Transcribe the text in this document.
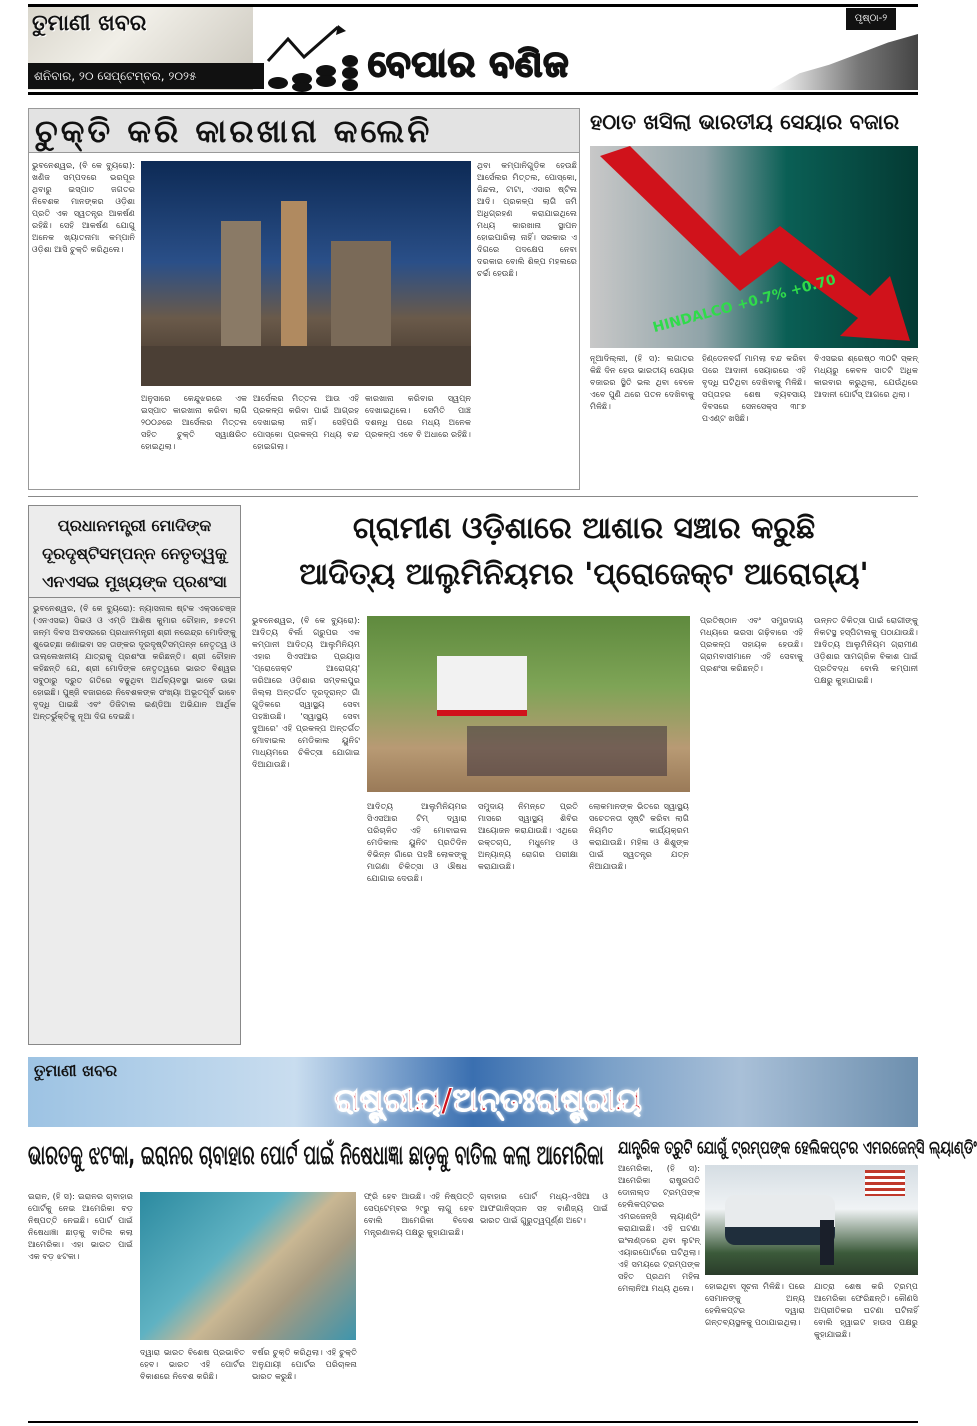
ତୁମାଣୀ ଖବର
ଶନିବାର, ୨୦ ସେପ୍ଟେମ୍ବର, ୨୦୨୫	ବେପାର ବଣିଜ
ପୃଷ୍ଠା-୨
ଚୁକ୍ତି କରି କାରଖାନା କଲେନି
ଭୁବନେଶ୍ୱର, (ବି କେ ବ୍ୟୁରୋ): ଖଣିଜ ସମ୍ପଦରେ ଭରପୂର ଥିବାରୁ ଇସ୍ପାତ ଜଗତର ନିବେଶକ ମାନଙ୍କର ଓଡ଼ିଶା ପ୍ରତି ଏକ ସ୍ୱତନ୍ତ୍ର ଆକର୍ଷଣ ରହିଛି। ସେହି ଆକର୍ଷଣ ଯୋଗୁ ଅନେକ ଖ୍ୟାତନାମା କମ୍ପାନି ଓଡ଼ିଶା ଆସି ଚୁକ୍ତି କରିଥିଲେ।
ଅନୁସାରେ କେନ୍ଦୁଝରରେ ଏକ ଇସ୍ପାତ କାରଖାନା କରିବା ଲାଗି ୨୦୦୬ରେ ଆର୍ସେଲର ମିତ୍ତଲ ସହିତ ଚୁକ୍ତି ସ୍ୱାକ୍ଷରିତ ହୋଇଥିଲା।
ଆର୍ସେଲର ମିତ୍ତଲ ଆଉ ଏହି ପ୍ରକଳ୍ପ କରିବା ପାଇଁ ଆଗ୍ରହ ଦେଖାଇଲା ନାହିଁ। ସେହିପରି ପୋସ୍କୋ ପ୍ରକଳ୍ପ ମଧ୍ୟ ବନ୍ଦ ହୋଇଗଲା।
କାରଖାନା କରିବାର ସ୍ୱପ୍ନ ଦେଖାଇଥିଲେ। ସେମିତି ପାଞ୍ଚ ଦଶନ୍ଧି ପରେ ମଧ୍ୟ ଅନେକ ପ୍ରକଳ୍ପ ଏବେ ବି ଅଧାରେ ରହିଛି।
ଥିବା କମ୍ପାନିଗୁଡ଼ିକ ହେଉଛି ଆର୍ସେଲର ମିତ୍ତଲ, ପୋସ୍କୋ, ଜିନ୍ଦଲ, ଟାଟା, ଏସାର ଷ୍ଟିଲ ଆଦି। ପ୍ରକଳ୍ପ ଲାଗି ଜମି ଅଧିଗ୍ରହଣ କରାଯାଇଥିଲେ ମଧ୍ୟ କାରଖାନା ସ୍ଥାପନ ହୋଇପାରିଲା ନାହିଁ। ସରକାର ଏ ଦିଗରେ ପଦକ୍ଷେପ ନେବା ଦରକାର ବୋଲି ଶିଳ୍ପ ମହଲରେ ଚର୍ଚ୍ଚା ହେଉଛି।
ହଠାତ ଖସିଲା ଭାରତୀୟ ସେୟାର ବଜାର
HINDALCO +0.7% +0.70
ନୂଆଦିଲ୍ଲୀ, (ହି ସ): ଲଗାତର କିଛି ଦିନ ହେଉ ଭାରତୀୟ ସେୟାର ବଜାରର ସ୍ଥିତି ଭଲ ଥିବା ବେଳେ ଏବେ ପୁଣି ଥରେ ପତନ ଦେଖିବାକୁ ମିଳିଛି।
ହିଣ୍ଡେନବର୍ଗ ମାମଲା ବନ୍ଦ କରିବା ପରେ ଆଦାନୀ ସେୟାରରେ ଏହି ବୃଦ୍ଧି ଘଟିଥିବା ଦେଖିବାକୁ ମିଳିଛି। ସପ୍ତାହର ଶେଷ ବ୍ୟବସାୟ ଦିବସରେ ସେନସେକ୍ସ ୩୮୭ ପଏଣ୍ଟ ଖସିଛି।
ବିଏସଇର ଶ୍ରେଷ୍ଠ ୩୦ଟି ସ୍କନ୍ ମଧ୍ୟରୁ କେବଳ ସାତଟି ଅଧିକ କାରବାର କରୁଥିଲା, ଯେଉଁଥିରେ ଆଦାନୀ ପୋର୍ଟସ୍ ଆଗରେ ଥିଲା।
ପ୍ରଧାନମନ୍ତ୍ରୀ ମୋଦିଙ୍କ
ଦୂରଦୃଷ୍ଟିସମ୍ପନ୍ନ ନେତୃତ୍ୱକୁ
ଏନଏସଇ ମୁଖ୍ୟଙ୍କ ପ୍ରଶଂସା
ଭୁବନେଶ୍ୱର, (ବି କେ ବ୍ୟୁରୋ): ନ୍ୟାସନାଲ ଷ୍ଟକ ଏକ୍ସଚେଞ୍ଜ (ଏନଏସଇ) ସିଇଓ ଓ ଏମ୍‌ଡି ଆଶିଷ କୁମାର ଚୌହାନ, ୭୫ତମ ଜନ୍ମ ଦିବସ ଅବସରରେ ପ୍ରଧାନମନ୍ତ୍ରୀ ଶ୍ରୀ ନରେନ୍ଦ୍ର ମୋଦିଙ୍କୁ ଶୁଭେଚ୍ଛା ଜଣାଇବା ସହ ତାଙ୍କର ଦୂରଦୃଷ୍ଟିସମ୍ପନ୍ନ ନେତୃତ୍ୱ ଓ ଉଲ୍ଲେଖନୀୟ ଯାତ୍ରାକୁ ପ୍ରଶଂସା କରିଛନ୍ତି। ଶ୍ରୀ ଚୌହାନ କହିଛନ୍ତି ଯେ, ଶ୍ରୀ ମୋଦିଙ୍କ ନେତୃତ୍ୱରେ ଭାରତ ବିଶ୍ୱର ସବୁଠାରୁ ଦ୍ରୁତ ଗତିରେ ବଢୁଥିବା ଅର୍ଥବ୍ୟବସ୍ଥା ଭାବେ ଉଭା ହୋଇଛି। ପୁଞ୍ଜି ବଜାରରେ ନିବେଶକଙ୍କ ସଂଖ୍ୟା ଅଭୂତପୂର୍ବ ଭାବେ ବୃଦ୍ଧି ପାଇଛି ଏବଂ ଡିଜିଟାଲ ଇଣ୍ଡିଆ ଅଭିଯାନ ଆର୍ଥିକ ଅନ୍ତର୍ଭୁକ୍ତିକୁ ନୂଆ ଦିଗ ଦେଇଛି।
ଗ୍ରାମୀଣ ଓଡ଼ିଶାରେ ଆଶାର ସଞ୍ଚାର କରୁଛି
ଆଦିତ୍ୟ ଆଲୁମିନିୟମର 'ପ୍ରୋଜେକ୍ଟ ଆରୋଗ୍ୟ'
ଭୁବନେଶ୍ୱର, (ବି କେ ବ୍ୟୁରୋ): ଆଦିତ୍ୟ ବିର୍ଲା ଗ୍ରୁପର ଏକ କମ୍ପାନୀ ଆଦିତ୍ୟ ଆଲୁମିନିୟମ ଏହାର ସିଏସଆର ପ୍ରୟାସ 'ପ୍ରୋଜେକ୍ଟ ଆରୋଗ୍ୟ' ଜରିଆରେ ଓଡ଼ିଶାର ସମ୍ବଲପୁର ଜିଲ୍ଲା ଅନ୍ତର୍ଗତ ଦୂରଦୂରାନ୍ତ ଗାଁ ଗୁଡ଼ିକରେ ସ୍ୱାସ୍ଥ୍ୟ ସେବା ପହଞ୍ଚାଉଛି। 'ସ୍ୱାସ୍ଥ୍ୟ ସେବା ଦୁଆରେ' ଏହି ପ୍ରକଳ୍ପ ଅନ୍ତର୍ଗତ ମୋବାଇଲ ମେଡିକାଲ ୟୁନିଟ ମାଧ୍ୟମରେ ଚିକିତ୍ସା ଯୋଗାଇ ଦିଆଯାଉଛି।
ଆଦିତ୍ୟ ଆଲୁମିନିୟମର ସିଏସଆର ଟିମ୍ ଦ୍ୱାରା ପରିଚାଳିତ ଏହି ମୋବାଇଲ ମେଡିକାଲ ୟୁନିଟ ପ୍ରତିଦିନ ବିଭିନ୍ନ ଗାଁରେ ପହଞ୍ଚି ଲୋକଙ୍କୁ ମାଗଣା ଚିକିତ୍ସା ଓ ଔଷଧ ଯୋଗାଇ ଦେଉଛି।
ସମୁଦାୟ ନିମନ୍ତେ ପ୍ରତି ମାସରେ ସ୍ୱାସ୍ଥ୍ୟ ଶିବିର ଆୟୋଜନ କରାଯାଉଛି। ଏଥିରେ ରକ୍ତଚାପ, ମଧୁମେହ ଓ ଅନ୍ୟାନ୍ୟ ରୋଗର ପରୀକ୍ଷା କରାଯାଉଛି।
ଲୋକମାନଙ୍କ ଭିତରେ ସ୍ୱାସ୍ଥ୍ୟ ସଚେତନତା ସୃଷ୍ଟି କରିବା ଲାଗି ନିୟମିତ କାର୍ଯ୍ୟକ୍ରମ କରାଯାଉଛି। ମହିଳା ଓ ଶିଶୁଙ୍କ ପାଇଁ ସ୍ୱତନ୍ତ୍ର ଯତ୍ନ ନିଆଯାଉଛି।
ପ୍ରତିଷ୍ଠାନ ଏବଂ ସମ୍ପ୍ରଦାୟ ମଧ୍ୟରେ ଭରସା ଗଢ଼ିବାରେ ଏହି ପ୍ରକଳ୍ପ ସହାୟକ ହେଉଛି। ଗ୍ରାମବାସୀମାନେ ଏହି ସେବାକୁ ପ୍ରଶଂସା କରିଛନ୍ତି।
ଉନ୍ନତ ଚିକିତ୍ସା ପାଇଁ ରୋଗୀଙ୍କୁ ନିକଟସ୍ଥ ହସ୍ପିଟାଲକୁ ପଠାଯାଉଛି। ଆଦିତ୍ୟ ଆଲୁମିନିୟମ ଗ୍ରାମୀଣ ଓଡ଼ିଶାର ସାମଗ୍ରିକ ବିକାଶ ପାଇଁ ପ୍ରତିବଦ୍ଧ ବୋଲି କମ୍ପାନୀ ପକ୍ଷରୁ କୁହାଯାଇଛି।
ତୁମାଣୀ ଖବର
ରାଷ୍ଟ୍ରୀୟ/ଅନ୍ତଃରାଷ୍ଟ୍ରୀୟ
ଭାରତକୁ ଝଟକା, ଇରାନର ଚାବାହାର ପୋର୍ଟ ପାଇଁ ନିଷେଧାଜ୍ଞା ଛାଡ଼କୁ ବାତିଲ କଲା ଆମେରିକା
ଇରାନ, (ହି ସ): ଇରାନର ଚାବାହାର ପୋର୍ଟକୁ ନେଇ ଆମେରିକା ବଡ଼ ନିଷ୍ପତ୍ତି ନେଇଛି। ପୋର୍ଟ ପାଇଁ ନିଷେଧାଜ୍ଞା ଛାଡ଼କୁ ବାତିଲ କଲା ଆମେରିକା। ଏହା ଭାରତ ପାଇଁ ଏକ ବଡ଼ ଝଟକା।
ଦ୍ୱାରା ଭାରତ ବିଶେଷ ପ୍ରଭାବିତ ହେବ। ଭାରତ ଏହି ପୋର୍ଟର ବିକାଶରେ ନିବେଶ କରିଛି।
ବର୍ଷର ଚୁକ୍ତି କରିଥିଲା। ଏହି ଚୁକ୍ତି ଅନୁଯାୟୀ ପୋର୍ଟର ପରିଚାଳନା ଭାରତ କରୁଛି।
ଫ୍ରି ହେବ ଆଉଛି। ଏହି ନିଷ୍ପତ୍ତି ସେପ୍ଟେମ୍ବର ୨୯ରୁ ଲାଗୁ ହେବ ବୋଲି ଆମେରିକା ବିଦେଶ ମନ୍ତ୍ରଣାଳୟ ପକ୍ଷରୁ କୁହାଯାଇଛି।
ଚାବାହାର ପୋର୍ଟ ମଧ୍ୟ-ଏସିଆ ଓ ଆଫଗାନିସ୍ତାନ ସହ ବାଣିଜ୍ୟ ପାଇଁ ଭାରତ ପାଇଁ ଗୁରୁତ୍ୱପୂର୍ଣ୍ଣ ଅଟେ।
ଯାନ୍ତ୍ରିକ ତ୍ରୁଟି ଯୋଗୁଁ ଟ୍ରମ୍ପଙ୍କ ହେଲିକପ୍ଟର ଏମରଜେନ୍ସି ଲ୍ୟାଣ୍ଡିଂ
ଆମେରିକା, (ହି ସ): ଆମେରିକା ରାଷ୍ଟ୍ରପତି ଡୋନାଲ୍ଡ ଟ୍ରମ୍ପଙ୍କ ହେଲିକପ୍ଟରର ଏମରଜେନ୍ସି ଲ୍ୟାଣ୍ଡିଂ କରାଯାଇଛି। ଏହି ଘଟଣା ଇଂଲଣ୍ଡରେ ଥିବା ଲୁଟନ୍ ଏୟାରପୋର୍ଟରେ ଘଟିଥିଲା। ଏହି ସମୟରେ ଟ୍ରମ୍ପଙ୍କ ସହିତ ପ୍ରଥମ ମହିଳା ମେଲାନିଆ ମଧ୍ୟ ଥିଲେ।	ହୋଇଥିବା ସୂଚନା ମିଳିଛି। ପରେ ସେମାନଙ୍କୁ ଅନ୍ୟ ହେଲିକପ୍ଟର ଦ୍ୱାରା ଗନ୍ତବ୍ୟସ୍ଥଳକୁ ପଠାଯାଇଥିଲା।
ଯାତ୍ରା ଶେଷ କରି ଟ୍ରମ୍ପ ଆମେରିକା ଫେରିଛନ୍ତି। କୌଣସି ଅପ୍ରୀତିକର ଘଟଣା ଘଟିନାହିଁ ବୋଲି ହ୍ୱାଇଟ ହାଉସ ପକ୍ଷରୁ କୁହାଯାଇଛି।
